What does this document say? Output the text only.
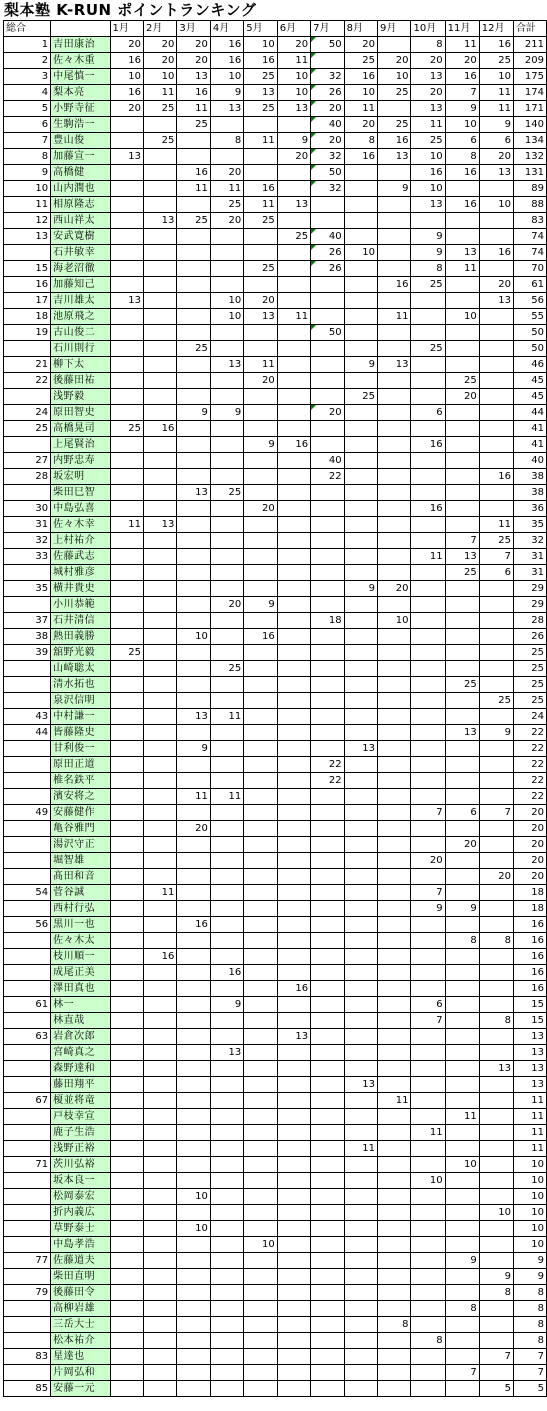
梨本塾 K-RUN ポイントランキング
総合		1月	2月	3月	4月	5月	6月	7月	8月	9月	10月	11月	12月	合計
1	吉田康治	20	20	20	16	10	20	50	20		8	11	16	211
2	佐々木重	16	20	20	16	16	11		25	20	20	20	25	209
3	中尾慎一	10	10	13	10	25	10	32	16	10	13	16	10	175
4	梨本亮	16	11	16	9	13	10	26	10	25	20	7	11	174
5	小野寺征	20	25	11	13	25	13	20	11		13	9	11	171
6	生駒浩一			25				40	20	25	11	10	9	140
7	豊山俊		25		8	11	9	20	8	16	25	6	6	134
8	加藤宣一	13					20	32	16	13	10	8	20	132
9	高橋健			16	20			50			16	16	13	131
10	山内潤也			11	11	16		32		9	10			89
11	相原隆志				25	11	13				13	16	10	88
12	西山祥太		13	25	20	25								83
13	安武寛樹						25	40			9			74
	石井敏幸							26	10		9	13	16	74
15	海老沼徹					25		26			8	11		70
16	加藤知己									16	25		20	61
17	吉川雄太	13			10	20							13	56
18	池原飛之				10	13	11			11		10		55
19	古山俊二							50						50
	石川則行			25							25			50
21	柳下太				13	11			9	13				46
22	後藤田祐					20						25		45
	浅野毅								25			20		45
24	原田智史			9	9			20			6			44
25	高橋晃司	25	16											41
	上尾賢治					9	16				16			41
27	内野忠寿							40						40
28	坂宏明							22					16	38
	柴田巳智			13	25									38
30	中島弘喜					20					16			36
31	佐々木幸	11	13										11	35
32	上村祐介											7	25	32
33	佐藤武志										11	13	7	31
	城村雅彦											25	6	31
35	横井貴史								9	20				29
	小川恭範				20	9								29
37	石井清信							18		10				28
38	熱田義勝			10		16								26
39	舘野光毅	25												25
	山崎聡太				25									25
	清水拓也											25		25
	泉沢信明												25	25
43	中村謙一			13	11									24
44	皆藤隆史											13	9	22
	甘利俊一			9					13					22
	原田正道							22						22
	椎名鉄平							22						22
	濱安将之			11	11									22
49	安藤健作										7	6	7	20
	亀谷雅門			20										20
	湯沢守正											20		20
	堀智雄										20			20
	髙田和音												20	20
54	菅谷誠		11								7			18
	西村行弘										9	9		18
56	黒川一也			16										16
	佐々木太											8	8	16
	枝川順一		16											16
	成尾正美				16									16
	澤田真也						16							16
61	林一				9						6			15
	林直哉										7		8	15
63	岩倉次郎						13							13
	宮崎真之				13									13
	森野達和												13	13
	藤田翔平								13					13
67	榎並将竜									11				11
	戸枝幸宣											11		11
	鹿子生浩										11			11
	浅野正裕								11					11
71	茨川弘裕											10		10
	坂本良一										10			10
	松岡泰宏			10										10
	折内義広												10	10
	草野泰士			10										10
	中島孝浩					10								10
77	佐藤道夫											9		9
	柴田直明												9	9
79	後藤田令												8	8
	高柳岩雄											8		8
	三岳大士									8				8
	松本祐介										8			8
83	星達也												7	7
	片岡弘和											7		7
85	安藤一元												5	5
